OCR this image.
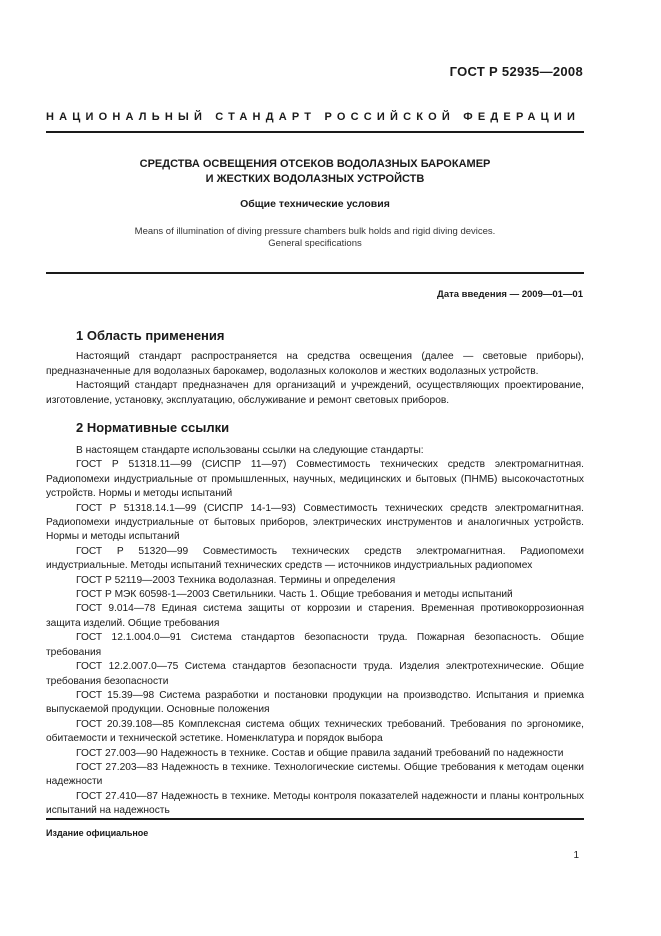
ГОСТ Р 52935—2008
НАЦИОНАЛЬНЫЙ СТАНДАРТ РОССИЙСКОЙ ФЕДЕРАЦИИ
СРЕДСТВА ОСВЕЩЕНИЯ ОТСЕКОВ ВОДОЛАЗНЫХ БАРОКАМЕР
И ЖЕСТКИХ ВОДОЛАЗНЫХ УСТРОЙСТВ
Общие технические условия
Means of illumination of diving pressure chambers bulk holds and rigid diving devices.
General specifications
Дата введения — 2009—01—01
1 Область применения

Настоящий стандарт распространяется на средства освещения (далее — световые приборы), предназначенные для водолазных барокамер, водолазных колоколов и жестких водолазных устройств.

Настоящий стандарт предназначен для организаций и учреждений, осуществляющих проектирование, изготовление, установку, эксплуатацию, обслуживание и ремонт световых приборов.

2 Нормативные ссылки

В настоящем стандарте использованы ссылки на следующие стандарты:

ГОСТ Р 51318.11—99 (СИСПР 11—97) Совместимость технических средств электромагнитная. Радиопомехи индустриальные от промышленных, научных, медицинских и бытовых (ПНМБ) высокочастотных устройств. Нормы и методы испытаний

ГОСТ Р 51318.14.1—99 (СИСПР 14-1—93) Совместимость технических средств электромагнитная. Радиопомехи индустриальные от бытовых приборов, электрических инструментов и аналогичных устройств. Нормы и методы испытаний

ГОСТ Р 51320—99 Совместимость технических средств электромагнитная. Радиопомехи индустриальные. Методы испытаний технических средств — источников индустриальных радиопомех

ГОСТ Р 52119—2003 Техника водолазная. Термины и определения

ГОСТ Р МЭК 60598-1—2003 Светильники. Часть 1. Общие требования и методы испытаний

ГОСТ 9.014—78 Единая система защиты от коррозии и старения. Временная противокоррозионная защита изделий. Общие требования

ГОСТ 12.1.004.0—91 Система стандартов безопасности труда. Пожарная безопасность. Общие требования

ГОСТ 12.2.007.0—75 Система стандартов безопасности труда. Изделия электротехнические. Общие требования безопасности

ГОСТ 15.39—98 Система разработки и постановки продукции на производство. Испытания и приемка выпускаемой продукции. Основные положения

ГОСТ 20.39.108—85 Комплексная система общих технических требований. Требования по эргономике, обитаемости и технической эстетике. Номенклатура и порядок выбора

ГОСТ 27.003—90 Надежность в технике. Состав и общие правила заданий требований по надежности

ГОСТ 27.203—83 Надежность в технике. Технологические системы. Общие требования к методам оценки надежности

ГОСТ 27.410—87 Надежность в технике. Методы контроля показателей надежности и планы контрольных испытаний на надежность

Издание официальное
1
